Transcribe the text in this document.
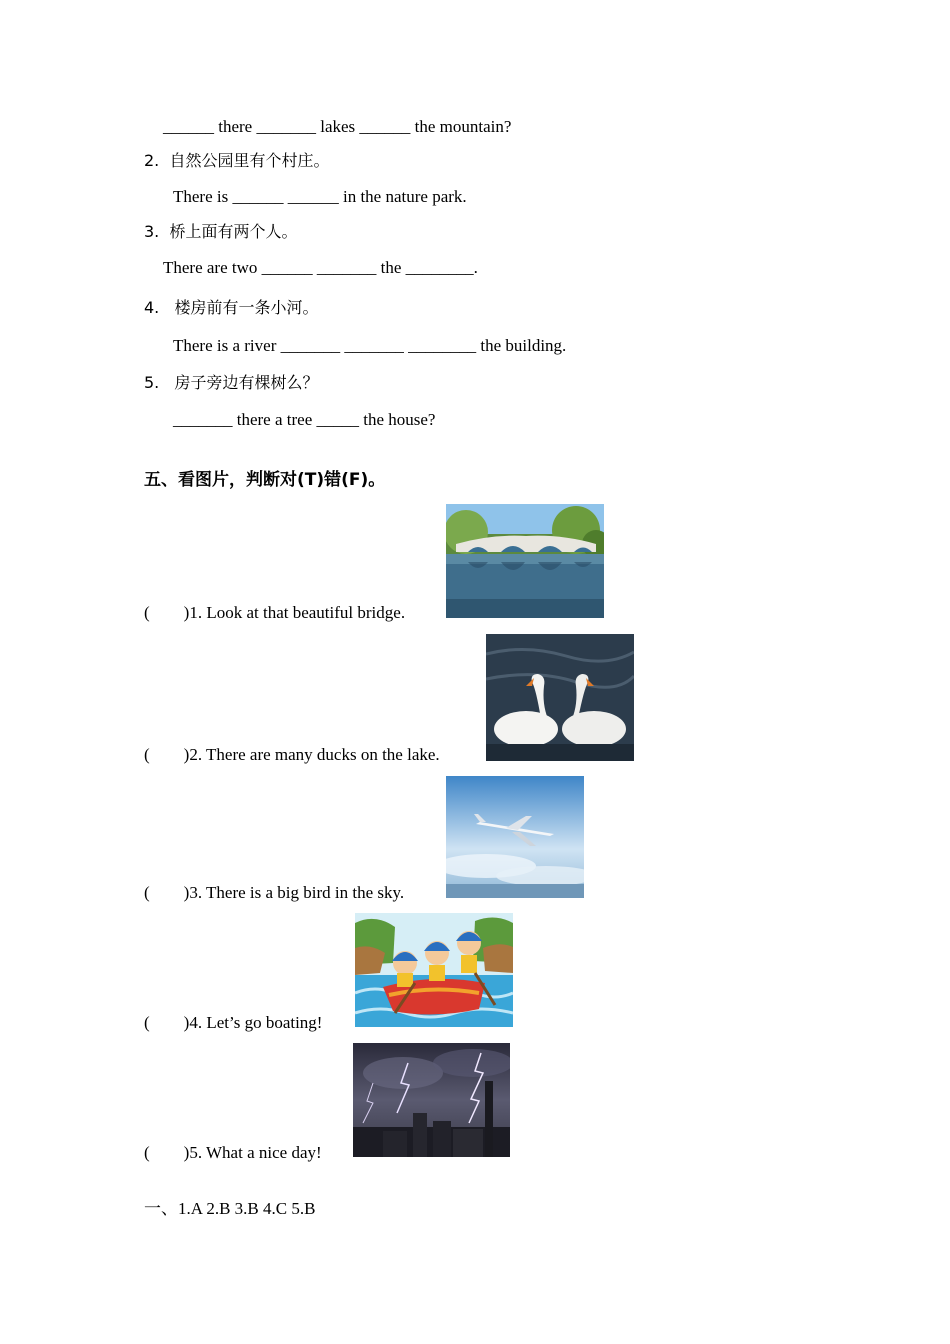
______ there _______ lakes ______ the mountain?
2.  自然公园里有个村庄。
There is ______ ______ in the nature park.
3.  桥上面有两个人。
There are two ______ _______ the ________.
4.   楼房前有一条小河。
There is a river _______ _______ ________ the building.
5.   房子旁边有棵树么？
_______ there a tree _____ the house?
五、看图片，判断对(T)错(F)。
(        )1. Look at that beautiful bridge.
(        )2. There are many ducks on the lake.
(        )3. There is a big bird in the sky.
(        )4. Let’s go boating!
(        )5. What a nice day!
一、1.A 2.B 3.B 4.C 5.B
